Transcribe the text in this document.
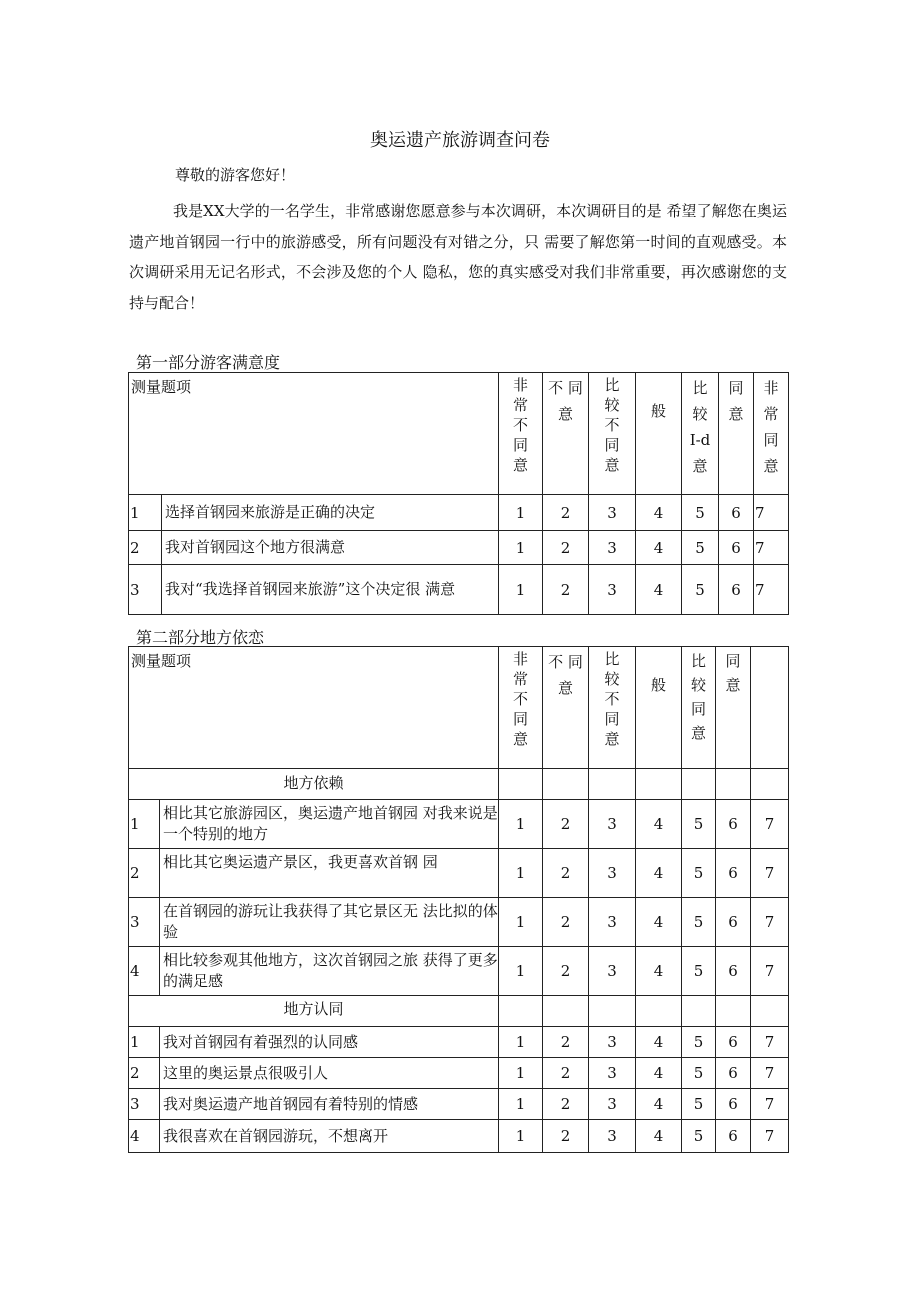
奥运遗产旅游调查问卷
尊敬的游客您好！
我是XX大学的一名学生，非常感谢您愿意参与本次调研，本次调研目的是 希望了解您在奥运遗产地首钢园一行中的旅游感受，所有问题没有对错之分，只 需要了解您第一时间的直观感受。本次调研采用无记名形式，不会涉及您的个人 隐私，您的真实感受对我们非常重要，再次感谢您的支持与配合！
第一部分游客满意度
测量题项		非常不同意	不 同意	比较不同意	般	比 较 I-d 意	同意	非常同意
1	选择首钢园来旅游是正确的决定	1	2	3	4	5	6	7
2	我对首钢园这个地方很满意	1	2	3	4	5	6	7
3	我对“我选择首钢园来旅游”这个决定很 满意	1	2	3	4	5	6	7
第二部分地方依恋
测量题项		非常不同意	不 同意	比较不同意	般	比 较 同 意	同意	
地方依赖								
1	相比其它旅游园区，奥运遗产地首钢园 对我来说是一个特别的地方	1	2	3	4	5	6	7
2	相比其它奥运遗产景区，我更喜欢首钢 园	1	2	3	4	5	6	7
3	在首钢园的游玩让我获得了其它景区无 法比拟的体验	1	2	3	4	5	6	7
4	相比较参观其他地方，这次首钢园之旅 获得了更多的满足感	1	2	3	4	5	6	7
地方认同								
1	我对首钢园有着强烈的认同感	1	2	3	4	5	6	7
2	这里的奥运景点很吸引人	1	2	3	4	5	6	7
3	我对奥运遗产地首钢园有着特别的情感	1	2	3	4	5	6	7
4	我很喜欢在首钢园游玩，不想离开	1	2	3	4	5	6	7
